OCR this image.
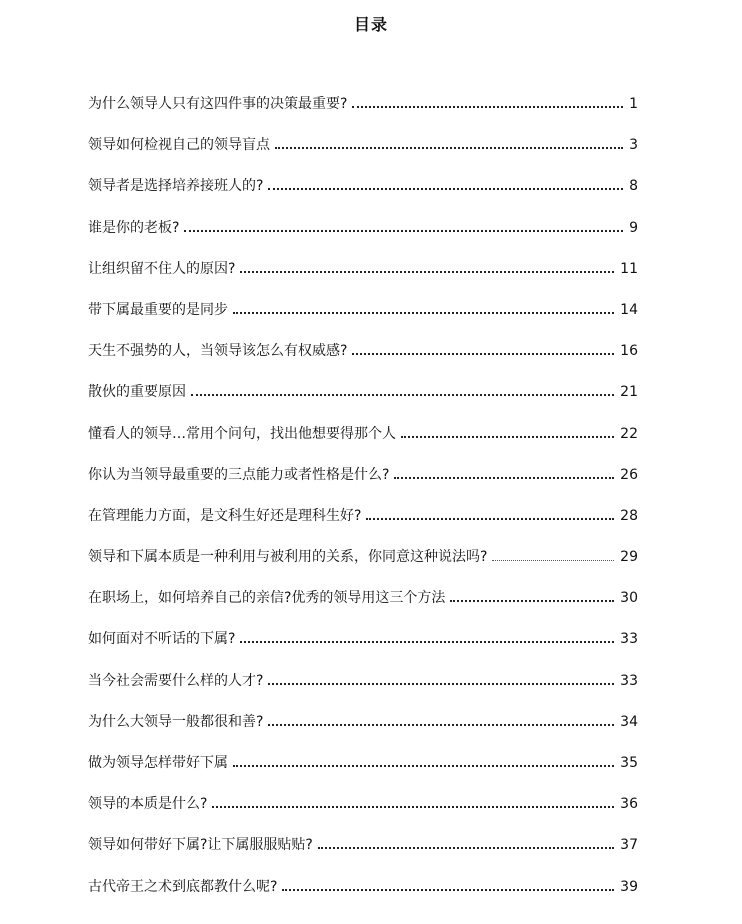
目录
为什么领导人只有这四件事的决策最重要?	1
领导如何检视自己的领导盲点	3
领导者是选择培养接班人的?	8
谁是你的老板?	9
让组织留不住人的原因?	11
带下属最重要的是同步	14
天生不强势的人，当领导该怎么有权威感?	16
散伙的重要原因	21
懂看人的领导…常用个问句，找出他想要得那个人	22
你认为当领导最重要的三点能力或者性格是什么?	26
在管理能力方面，是文科生好还是理科生好?	28
领导和下属本质是一种利用与被利用的关系，你同意这种说法吗?	29
在职场上，如何培养自己的亲信?优秀的领导用这三个方法	30
如何面对不听话的下属?	33
当今社会需要什么样的人才?	33
为什么大领导一般都很和善?	34
做为领导怎样带好下属	35
领导的本质是什么?	36
领导如何带好下属?让下属服服贴贴?	37
古代帝王之术到底都教什么呢?	39
